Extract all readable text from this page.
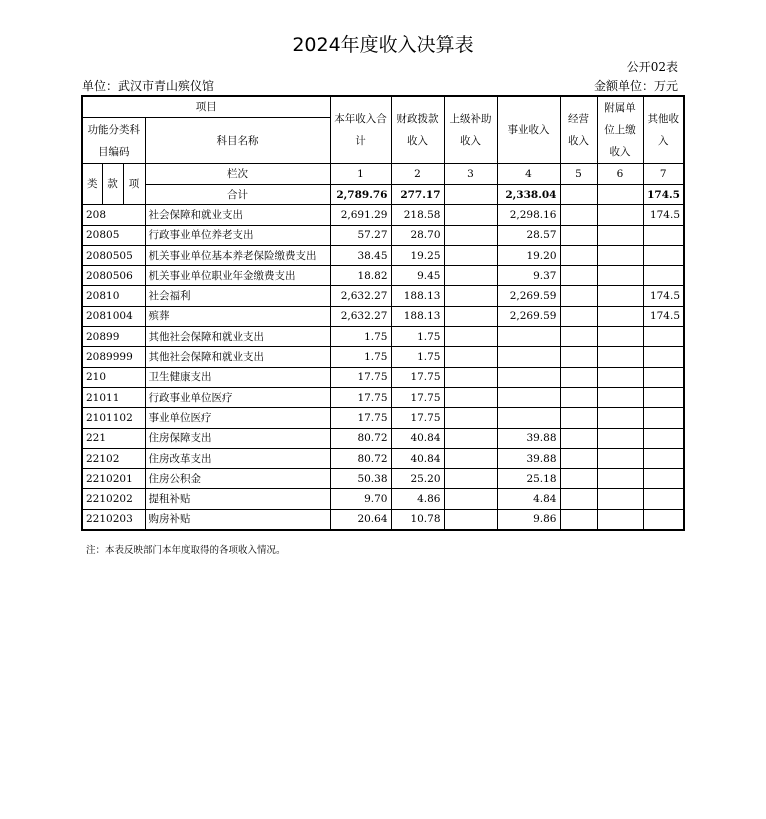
2024年度收入决算表
公开02表
单位：武汉市青山殡仪馆	金额单位：万元
项目				本年收入合计	财政拨款收入	上级补助收入	事业收入	经营收入	附属单位上缴收入	其他收入
功能分类科目编码			科目名称							

类	款	项	栏次	1	2	3	4	5	6	7
			合计	2,789.76	277.17		2,338.04			174.5
208			社会保障和就业支出	2,691.29	218.58		2,298.16			174.5
20805			行政事业单位养老支出	57.27	28.70		28.57			
2080505			机关事业单位基本养老保险缴费支出	38.45	19.25		19.20			
2080506			机关事业单位职业年金缴费支出	18.82	9.45		9.37			
20810			社会福利	2,632.27	188.13		2,269.59			174.5
2081004			殡葬	2,632.27	188.13		2,269.59			174.5
20899			其他社会保障和就业支出	1.75	1.75					
2089999			其他社会保障和就业支出	1.75	1.75					
210			卫生健康支出	17.75	17.75					
21011			行政事业单位医疗	17.75	17.75					
2101102			事业单位医疗	17.75	17.75					
221			住房保障支出	80.72	40.84		39.88			
22102			住房改革支出	80.72	40.84		39.88			
2210201			住房公积金	50.38	25.20		25.18			
2210202			提租补贴	9.70	4.86		4.84			
2210203			购房补贴	20.64	10.78		9.86			
注：本表反映部门本年度取得的各项收入情况。
